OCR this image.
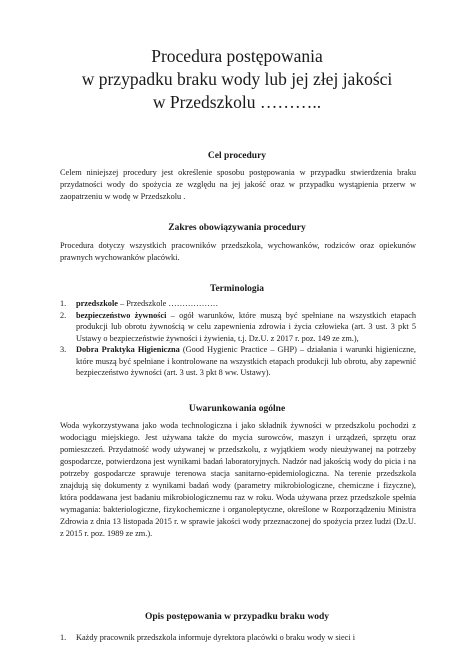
Procedura postępowania
w przypadku braku wody lub jej złej jakości
w Przedszkolu ………..
Cel procedury

Celem niniejszej procedury jest określenie sposobu postępowania w przypadku stwierdzenia braku przydatności wody do spożycia ze względu na jej jakość oraz w przypadku wystąpienia przerw w zaopatrzeniu w wodę w Przedszkolu .

Zakres obowiązywania procedury

Procedura dotyczy wszystkich pracowników przedszkola, wychowanków, rodziców oraz opiekunów prawnych wychowanków placówki.

Terminologia
1. przedszkole – Przedszkole ………………
2. bezpieczeństwo żywności – ogół warunków, które muszą być spełniane na wszystkich etapach produkcji lub obrotu żywnością w celu zapewnienia zdrowia i życia człowieka (art. 3 ust. 3 pkt 5 Ustawy o bezpieczeństwie żywności i żywienia, t.j. Dz.U. z 2017 r. poz. 149 ze zm.),
3. Dobra Praktyka Higieniczna (Good Hygienic Practice – GHP) – działania i warunki higieniczne, które muszą być spełniane i kontrolowane na wszystkich etapach produkcji lub obrotu, aby zapewnić bezpieczeństwo żywności (art. 3 ust. 3 pkt 8 ww. Ustawy).
Uwarunkowania ogólne

Woda wykorzystywana jako woda technologiczna i jako składnik żywności w przedszkolu pochodzi z wodociągu miejskiego. Jest używana także do mycia surowców, maszyn i urządzeń, sprzętu oraz pomieszczeń. Przydatność wody używanej w przedszkolu, z wyjątkiem wody nieużywanej na potrzeby gospodarcze, potwierdzona jest wynikami badań laboratoryjnych. Nadzór nad jakością wody do picia i na potrzeby gospodarcze sprawuje terenowa stacja sanitarno-epidemiologiczna. Na terenie przedszkola znajdują się dokumenty z wynikami badań wody (parametry mikrobiologiczne, chemiczne i fizyczne), która poddawana jest badaniu mikrobiologicznemu raz w roku. Woda używana przez przedszkole spełnia wymagania: bakteriologiczne, fizykochemiczne i organoleptyczne, określone w Rozporządzeniu Ministra Zdrowia z dnia 13 listopada 2015 r. w sprawie jakości wody przeznaczonej do spożycia przez ludzi (Dz.U. z 2015 r. poz. 1989 ze zm.).

Opis postępowania w przypadku braku wody
1. Każdy pracownik przedszkola informuje dyrektora placówki o braku wody w sieci i
